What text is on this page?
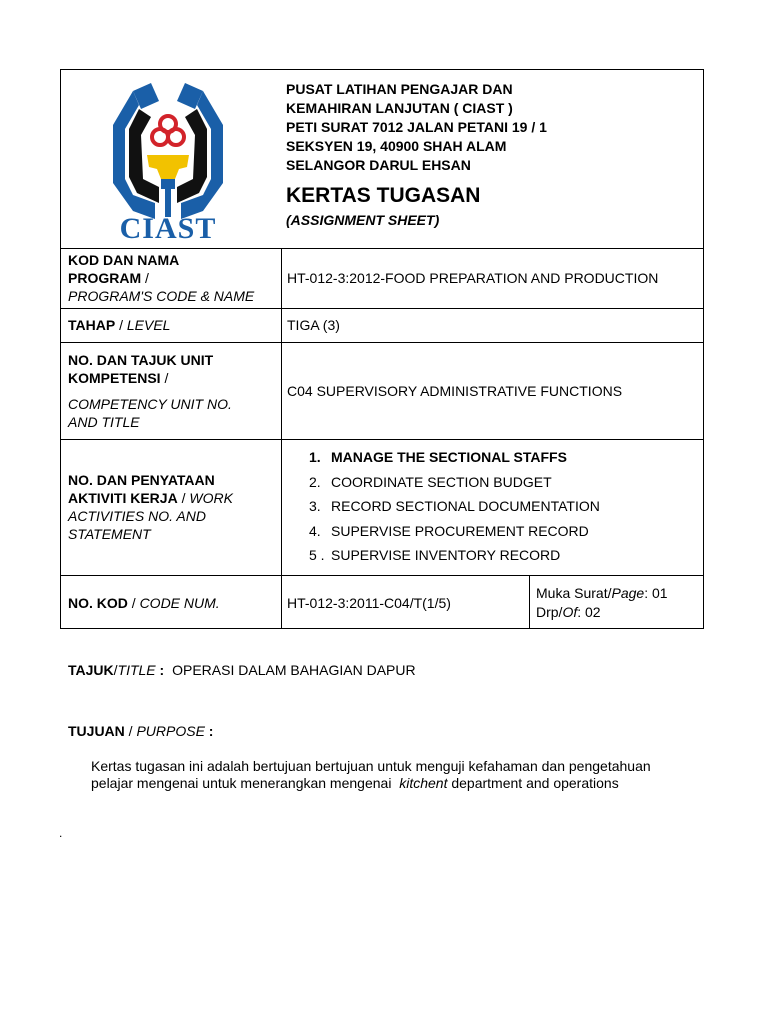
CIAST
PUSAT LATIHAN PENGAJAR DAN
KEMAHIRAN LANJUTAN ( CIAST )
PETI SURAT 7012 JALAN PETANI 19 / 1
SEKSYEN 19, 40900 SHAH ALAM
SELANGOR DARUL EHSAN
KERTAS TUGASAN
(ASSIGNMENT SHEET)
KOD DAN NAMA
PROGRAM /
PROGRAM'S CODE & NAME
HT-012-3:2012-FOOD PREPARATION AND PRODUCTION
TAHAP / LEVEL	TIGA (3)
NO. DAN TAJUK UNIT
KOMPETENSI /
COMPETENCY UNIT NO.
AND TITLE
C04 SUPERVISORY ADMINISTRATIVE FUNCTIONS
NO. DAN PENYATAAN
AKTIVITI KERJA / WORK
ACTIVITIES NO. AND
STATEMENT
1. MANAGE THE SECTIONAL STAFFS
2. COORDINATE SECTION BUDGET
3. RECORD SECTIONAL DOCUMENTATION
4. SUPERVISE PROCUREMENT RECORD
5 . SUPERVISE INVENTORY RECORD
NO. KOD / CODE NUM.	HT-012-3:2011-C04/T(1/5)
Muka Surat/Page: 01
Drp/Of: 02
TAJUK/TITLE : OPERASI DALAM BAHAGIAN DAPUR
TUJUAN / PURPOSE :
Kertas tugasan ini adalah bertujuan bertujuan untuk menguji kefahaman dan pengetahuan
pelajar mengenai untuk menerangkan mengenai  kitchent department and operations
.
